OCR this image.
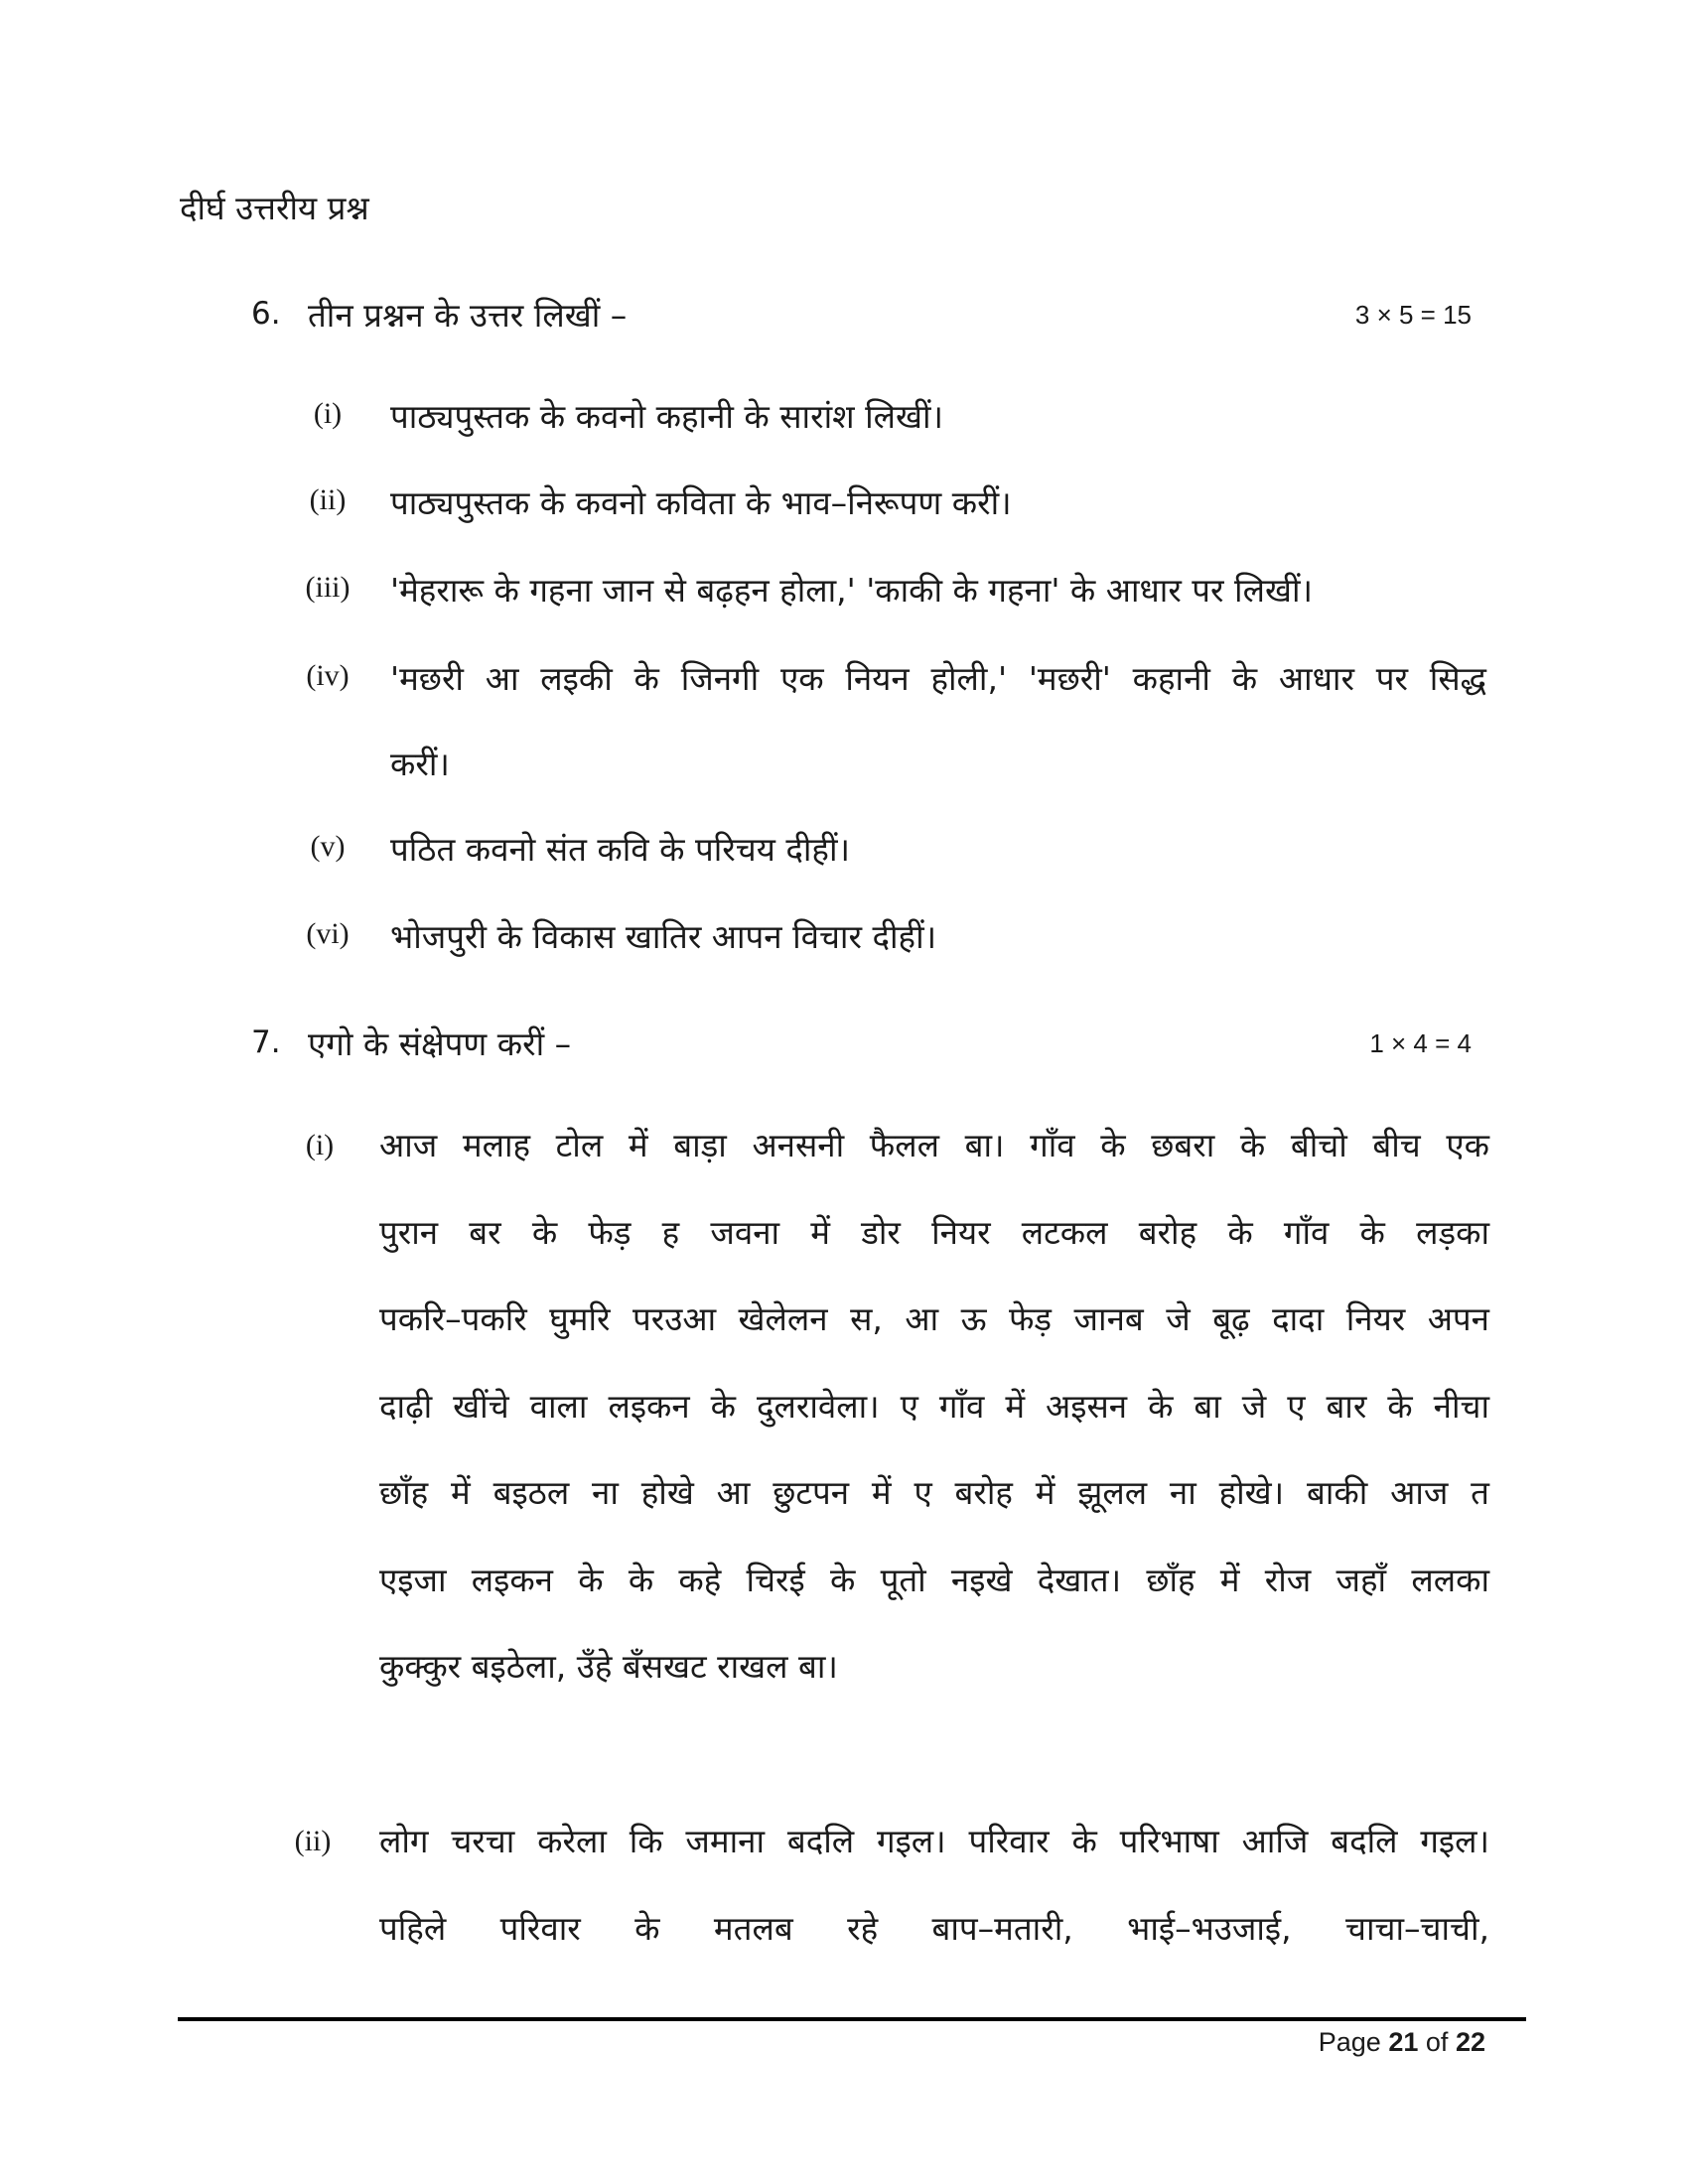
दीर्घ उत्तरीय प्रश्न
6. तीन प्रश्नन के उत्तर लिखीं –	3 × 5 = 15
(i)	पाठ्यपुस्तक के कवनो कहानी के सारांश लिखीं।
(ii)	पाठ्यपुस्तक के कवनो कविता के भाव–निरूपण करीं।
(iii)	'मेहरारू के गहना जान से बढ़हन होला,' 'काकी के गहना' के आधार पर लिखीं।
(iv)	'मछरी आ लइकी के जिनगी एक नियन होली,' 'मछरी' कहानी के आधार पर सिद्ध
करीं।
(v)	पठित कवनो संत कवि के परिचय दीहीं।
(vi)	भोजपुरी के विकास खातिर आपन विचार दीहीं।
7. एगो के संक्षेपण करीं –	1 × 4 = 4
(i)	आज मलाह टोल में बाड़ा अनसनी फैलल बा। गाँव के छबरा के बीचो बीच एक
पुरान बर के फेड़ ह जवना में डोर नियर लटकल बरोह के गाँव के लड़का
पकरि–पकरि घुमरि परउआ खेलेलन स, आ ऊ फेड़ जानब जे बूढ़ दादा नियर अपन
दाढ़ी खींचे वाला लइकन के दुलरावेला। ए गाँव में अइसन के बा जे ए बार के नीचा
छाँह में बइठल ना होखे आ छुटपन में ए बरोह में झूलल ना होखे। बाकी आज त
एइजा लइकन के के कहे चिरई के पूतो नइखे देखात। छाँह में रोज जहाँ ललका
कुक्कुर बइठेला, उँहे बँसखट राखल बा।
(ii)	लोग चरचा करेला कि जमाना बदलि गइल। परिवार के परिभाषा आजि बदलि गइल।
पहिले परिवार के मतलब रहे बाप–मतारी, भाई–भउजाई, चाचा–चाची,
Page 21 of 22
